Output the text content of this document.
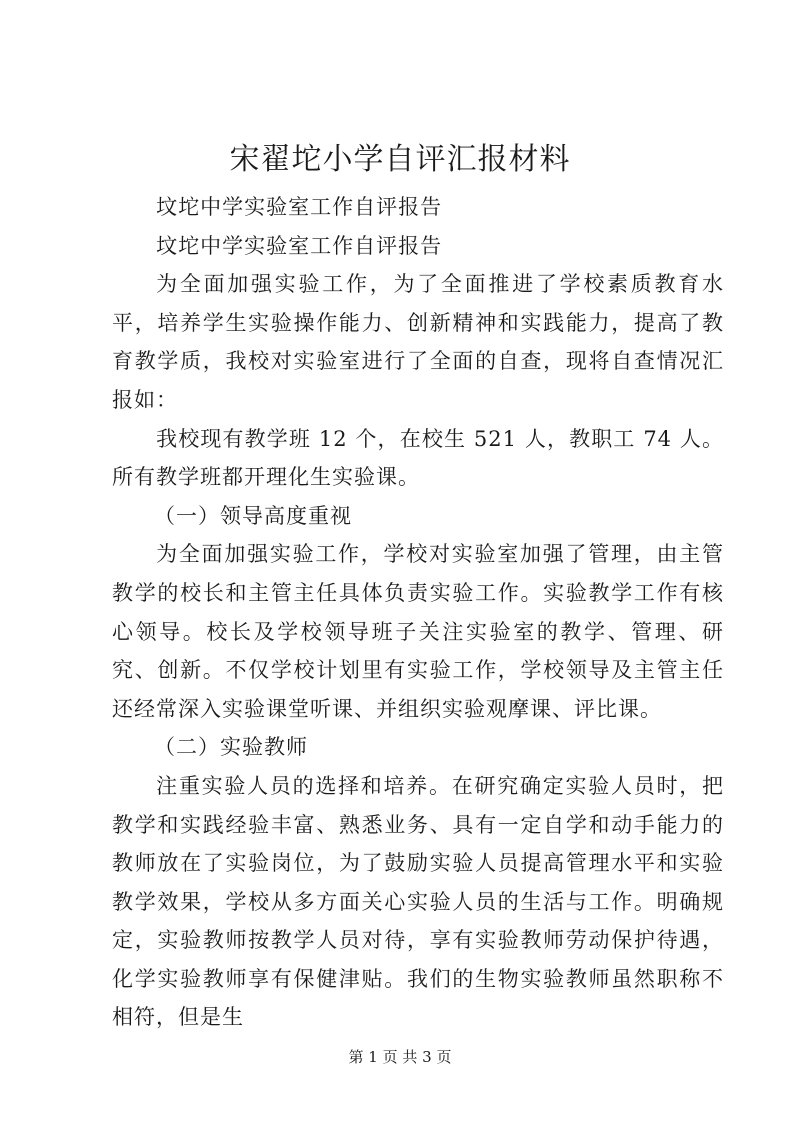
宋翟坨小学自评汇报材料

坟坨中学实验室工作自评报告

坟坨中学实验室工作自评报告

为全面加强实验工作，为了全面推进了学校素质教育水平，培养学生实验操作能力、创新精神和实践能力，提高了教育教学质，我校对实验室进行了全面的自查，现将自查情况汇报如：

我校现有教学班 12 个，在校生 521 人，教职工 74 人。所有教学班都开理化生实验课。

（一）领导高度重视

为全面加强实验工作，学校对实验室加强了管理，由主管教学的校长和主管主任具体负责实验工作。实验教学工作有核心领导。校长及学校领导班子关注实验室的教学、管理、研究、创新。不仅学校计划里有实验工作，学校领导及主管主任还经常深入实验课堂听课、并组织实验观摩课、评比课。

（二）实验教师

注重实验人员的选择和培养。在研究确定实验人员时，把教学和实践经验丰富、熟悉业务、具有一定自学和动手能力的教师放在了实验岗位，为了鼓励实验人员提高管理水平和实验教学效果，学校从多方面关心实验人员的生活与工作。明确规定，实验教师按教学人员对待，享有实验教师劳动保护待遇，化学实验教师享有保健津贴。我们的生物实验教师虽然职称不相符，但是生

第 1 页 共 3 页
